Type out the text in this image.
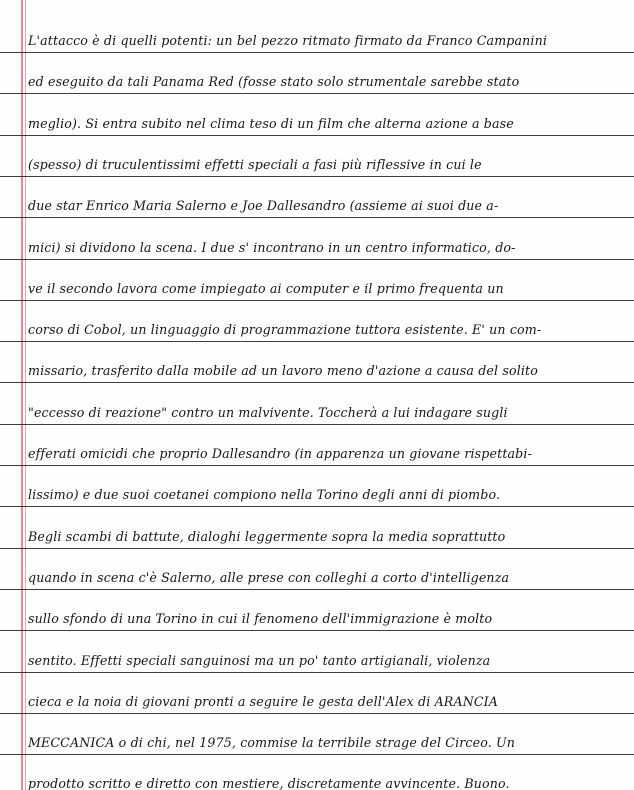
L'attacco è di quelli potenti: un bel pezzo ritmato firmato da Franco Campanini
ed eseguito da tali Panama Red (fosse stato solo strumentale sarebbe stato
meglio). Si entra subito nel clima teso di un film che alterna azione a base
(spesso) di truculentissimi effetti speciali a fasi più riflessive in cui le
due star Enrico Maria Salerno e Joe Dallesandro (assieme ai suoi due a-
mici) si dividono la scena. I due s' incontrano in un centro informatico, do-
ve il secondo lavora come impiegato ai computer e il primo frequenta un
corso di Cobol, un linguaggio di programmazione tuttora esistente. E' un com-
missario, trasferito dalla mobile ad un lavoro meno d'azione a causa del solito
"eccesso di reazione" contro un malvivente. Toccherà a lui indagare sugli
efferati omicidi che proprio Dallesandro (in apparenza un giovane rispettabi-
lissimo) e due suoi coetanei compiono nella Torino degli anni di piombo.
Begli scambi di battute, dialoghi leggermente sopra la media soprattutto
quando in scena c'è Salerno, alle prese con colleghi a corto d'intelligenza
sullo sfondo di una Torino in cui il fenomeno dell'immigrazione è molto
sentito. Effetti speciali sanguinosi ma un po' tanto artigianali, violenza
cieca e la noia di giovani pronti a seguire le gesta dell'Alex di ARANCIA
MECCANICA o di chi, nel 1975, commise la terribile strage del Circeo. Un
prodotto scritto e diretto con mestiere, discretamente avvincente. Buono.
